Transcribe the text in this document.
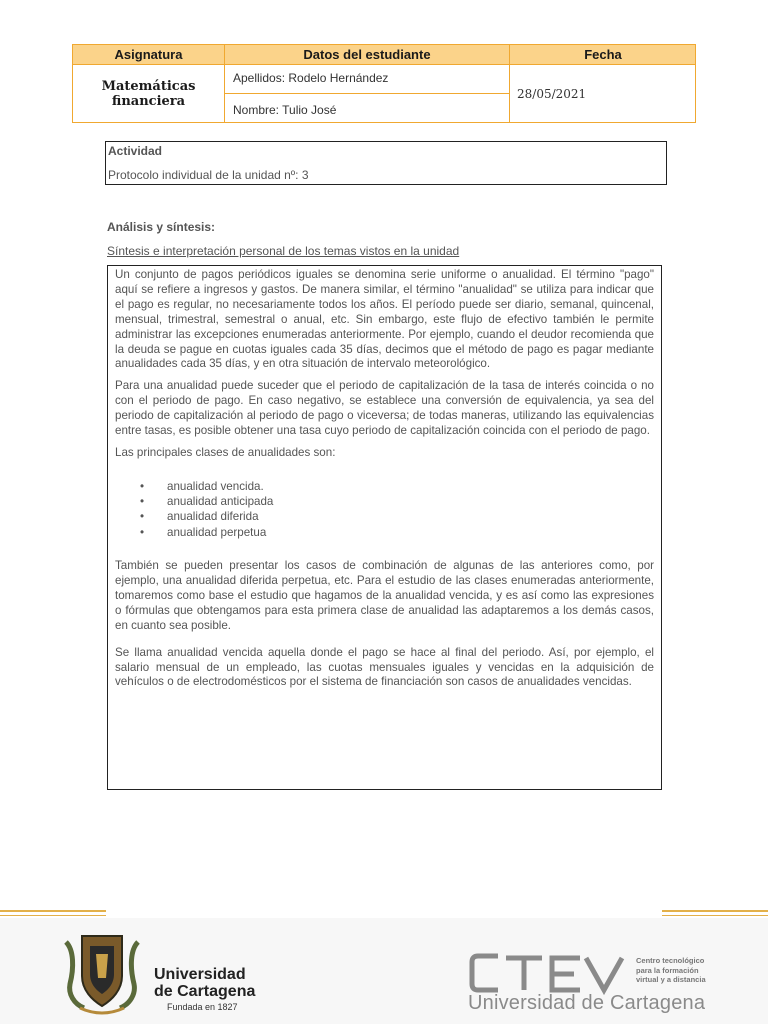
Asignatura	Datos del estudiante	Fecha
Matemáticas
financiera
Apellidos: Rodelo Hernández
Nombre: Tulio José
28/05/2021
Actividad
Protocolo individual de la unidad nº: 3
Análisis y síntesis:
Síntesis e interpretación personal de los temas vistos en la unidad

Un conjunto de pagos periódicos iguales se denomina serie uniforme o anualidad. El término "pago" aquí se refiere a ingresos y gastos. De manera similar, el término "anualidad" se utiliza para indicar que el pago es regular, no necesariamente todos los años. El período puede ser diario, semanal, quincenal, mensual, trimestral, semestral o anual, etc. Sin embargo, este flujo de efectivo también le permite administrar las excepciones enumeradas anteriormente. Por ejemplo, cuando el deudor recomienda que la deuda se pague en cuotas iguales cada 35 días, decimos que el método de pago es pagar mediante anualidades cada 35 días, y en otra situación de intervalo meteorológico.

Para una anualidad puede suceder que el periodo de capitalización de la tasa de interés coincida o no con el periodo de pago. En caso negativo, se establece una conversión de equivalencia, ya sea del periodo de capitalización al periodo de pago o viceversa; de todas maneras, utilizando las equivalencias entre tasas, es posible obtener una tasa cuyo periodo de capitalización coincida con el periodo de pago.

Las principales clases de anualidades son:

• anualidad vencida.
• anualidad anticipada
• anualidad diferida
• anualidad perpetua

También se pueden presentar los casos de combinación de algunas de las anteriores como, por ejemplo, una anualidad diferida perpetua, etc. Para el estudio de las clases enumeradas anteriormente, tomaremos como base el estudio que hagamos de la anualidad vencida, y es así como las expresiones o fórmulas que obtengamos para esta primera clase de anualidad las adaptaremos a los demás casos, en cuanto sea posible.

Se llama anualidad vencida aquella donde el pago se hace al final del periodo. Así, por ejemplo, el salario mensual de un empleado, las cuotas mensuales iguales y vencidas en la adquisición de vehículos o de electrodomésticos por el sistema de financiación son casos de anualidades vencidas.

Universidad
de Cartagena
Fundada en 1827
CTEV
Centro tecnológico
para la formación
virtual y a distancia
Universidad de Cartagena
